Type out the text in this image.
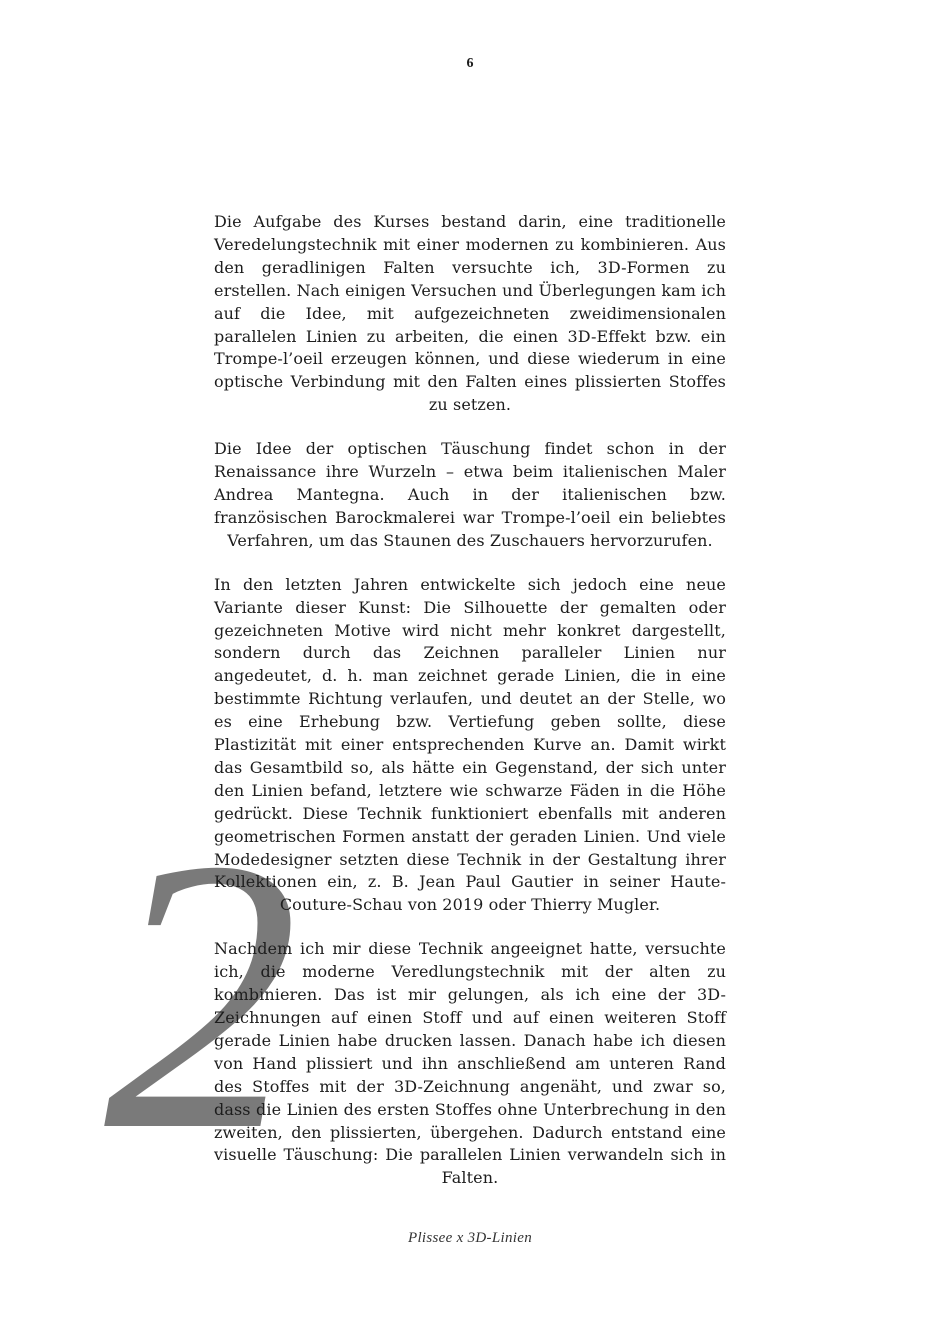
6
2

Die Aufgabe des Kurses bestand darin, eine traditionelle Veredelungstechnik mit einer modernen zu kombinieren. Aus den geradlinigen Falten versuchte ich, 3D-Formen zu erstellen. Nach einigen Versuchen und Überlegungen kam ich auf die Idee, mit aufgezeichneten zweidimensionalen parallelen Linien zu arbeiten, die einen 3D-Effekt bzw. ein Trompe-l’oeil erzeugen können, und diese wiederum in eine optische Verbindung mit den Falten eines plissierten Stoffes zu setzen.

Die Idee der optischen Täuschung findet schon in der Renaissance ihre Wurzeln – etwa beim italienischen Maler Andrea Mantegna. Auch in der italienischen bzw. französischen Barockmalerei war Trompe-l’oeil ein beliebtes Verfahren, um das Staunen des Zuschauers hervorzurufen.

In den letzten Jahren entwickelte sich jedoch eine neue Variante dieser Kunst: Die Silhouette der gemalten oder gezeichneten Motive wird nicht mehr konkret dargestellt, sondern durch das Zeichnen paralleler Linien nur angedeutet, d. h. man zeichnet gerade Linien, die in eine bestimmte Richtung verlaufen, und deutet an der Stelle, wo es eine Erhebung bzw. Vertiefung geben sollte, diese Plastizität mit einer entsprechenden Kurve an. Damit wirkt das Gesamtbild so, als hätte ein Gegenstand, der sich unter den Linien befand, letztere wie schwarze Fäden in die Höhe gedrückt. Diese Technik funktioniert ebenfalls mit anderen geometrischen Formen anstatt der geraden Linien. Und viele Modedesigner setzten diese Technik in der Gestaltung ihrer Kollektionen ein, z. B. Jean Paul Gautier in seiner Haute-Couture-Schau von 2019 oder Thierry Mugler.

Nachdem ich mir diese Technik angeeignet hatte, versuchte ich, die moderne Veredlungstechnik mit der alten zu kombinieren. Das ist mir gelungen, als ich eine der 3D-Zeichnungen auf einen Stoff und auf einen weiteren Stoff gerade Linien habe drucken lassen. Danach habe ich diesen von Hand plissiert und ihn anschließend am unteren Rand des Stoffes mit der 3D-Zeichnung angenäht, und zwar so, dass die Linien des ersten Stoffes ohne Unterbrechung in den zweiten, den plissierten, übergehen. Dadurch entstand eine visuelle Täuschung: Die parallelen Linien verwandeln sich in Falten.

Plissee x 3D-Linien
